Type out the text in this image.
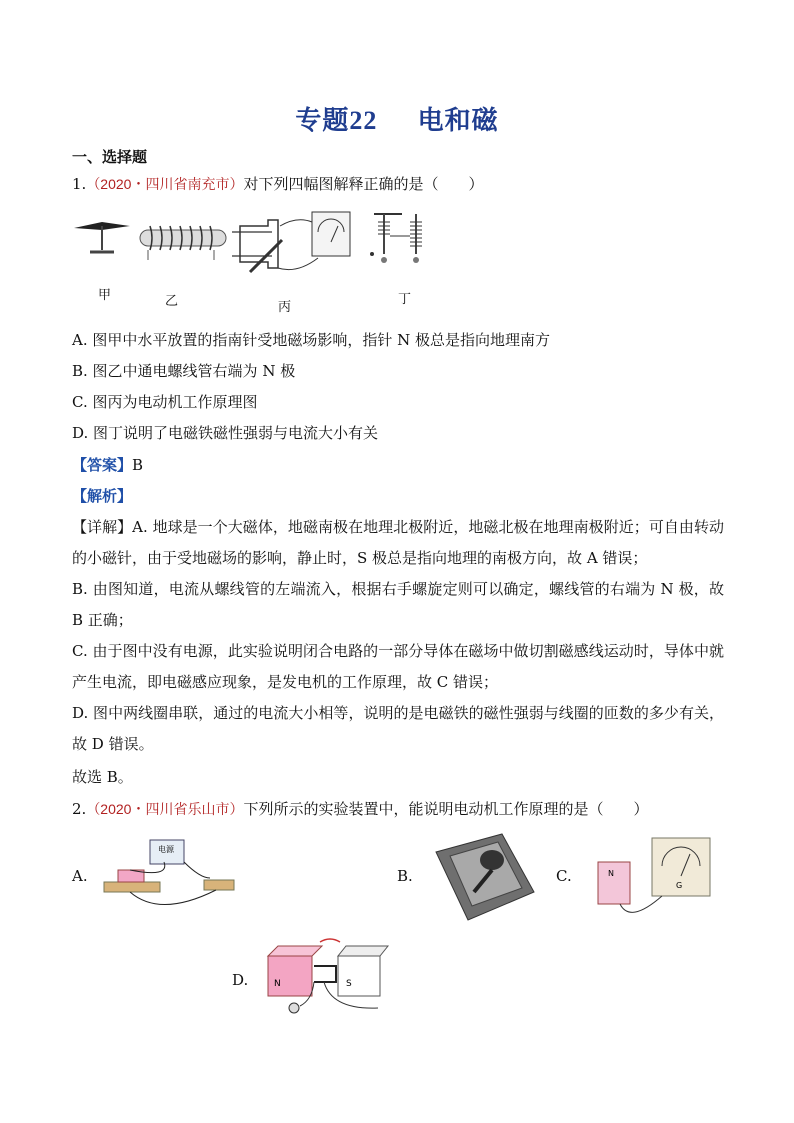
专题22 电和磁
一、选择题
1.（2020・四川省南充市）对下列四幅图解释正确的是（　　）
甲	乙	丙
丁
A. 图甲中水平放置的指南针受地磁场影响，指针 N 极总是指向地理南方
B. 图乙中通电螺线管右端为 N 极
C. 图丙为电动机工作原理图
D. 图丁说明了电磁铁磁性强弱与电流大小有关
【答案】B
【解析】
【详解】A. 地球是一个大磁体，地磁南极在地理北极附近，地磁北极在地理南极附近；可自由转动的小磁针，由于受地磁场的影响，静止时，S 极总是指向地理的南极方向，故 A 错误；
B. 由图知道，电流从螺线管的左端流入，根据右手螺旋定则可以确定，螺线管的右端为 N 极，故 B 正确；
C. 由于图中没有电源，此实验说明闭合电路的一部分导体在磁场中做切割磁感线运动时，导体中就产生电流，即电磁感应现象，是发电机的工作原理，故 C 错误；
D. 图中两线圈串联，通过的电流大小相等，说明的是电磁铁的磁性强弱与线圈的匝数的多少有关，故 D 错误。
故选 B。
2.（2020・四川省乐山市）下列所示的实验装置中，能说明电动机工作原理的是（　　）
A.
电源
B.	C.	N
G
D.	N	S
